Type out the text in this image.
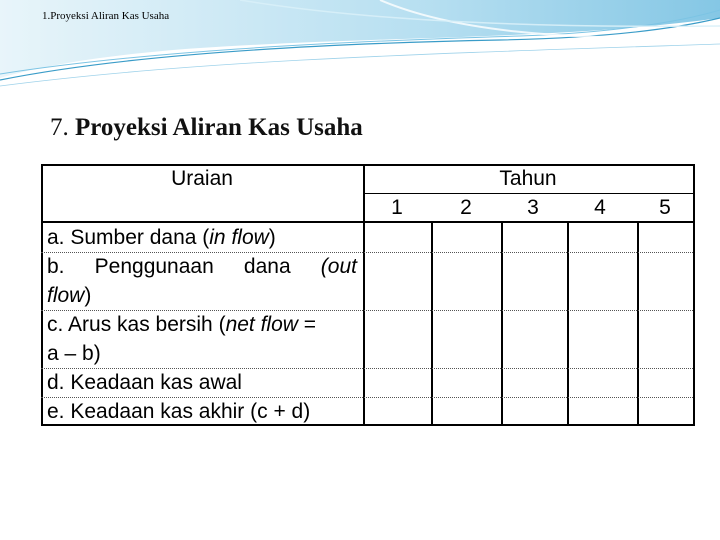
1.Proyeksi Aliran Kas Usaha
7. Proyeksi Aliran Kas Usaha
Uraian	Tahun
1	2	3	4	5
a. Sumber dana (in flow)
b. Penggunaan dana (out
flow)
c. Arus kas bersih (net flow =
a – b)
d. Keadaan kas awal
e. Keadaan kas akhir (c + d)
